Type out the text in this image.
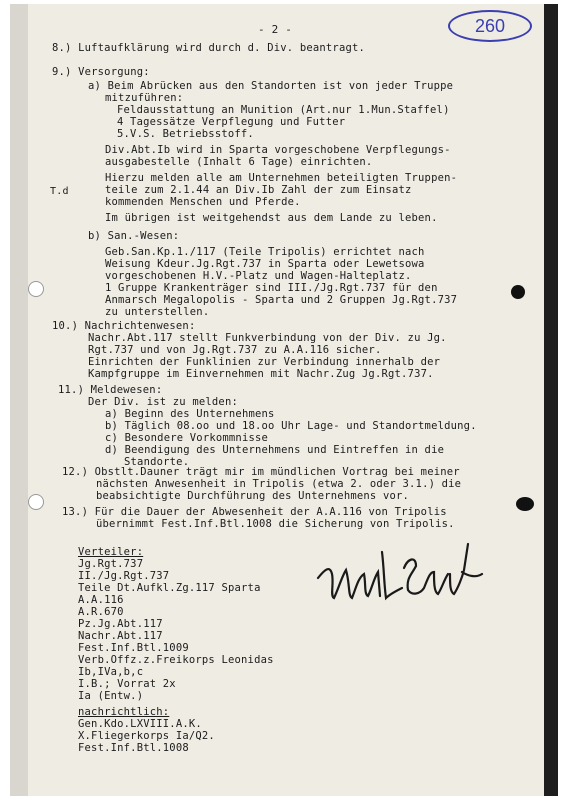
- 2 -	260
T.d
8.) Luftaufklärung wird durch d. Div. beantragt.
9.) Versorgung:
a) Beim Abrücken aus den Standorten ist von jeder Truppe
mitzuführen:
Feldausstattung an Munition (Art.nur 1.Mun.Staffel)
4 Tagessätze Verpflegung und Futter
5.V.S. Betriebsstoff.
Div.Abt.Ib wird in Sparta vorgeschobene Verpflegungs-
ausgabestelle (Inhalt 6 Tage) einrichten.
Hierzu melden alle am Unternehmen beteiligten Truppen-
teile zum 2.1.44 an Div.Ib Zahl der zum Einsatz
kommenden Menschen und Pferde.
Im übrigen ist weitgehendst aus dem Lande zu leben.
b) San.-Wesen:
Geb.San.Kp.1./117 (Teile Tripolis) errichtet nach
Weisung Kdeur.Jg.Rgt.737 in Sparta oder Lewetsowa
vorgeschobenen H.V.-Platz und Wagen-Halteplatz.
1 Gruppe Krankenträger sind III./Jg.Rgt.737 für den
Anmarsch Megalopolis - Sparta und 2 Gruppen Jg.Rgt.737
zu unterstellen.
10.) Nachrichtenwesen:
Nachr.Abt.117 stellt Funkverbindung von der Div. zu Jg.
Rgt.737 und von Jg.Rgt.737 zu A.A.116 sicher.
Einrichten der Funklinien zur Verbindung innerhalb der
Kampfgruppe im Einvernehmen mit Nachr.Zug Jg.Rgt.737.
11.) Meldewesen:
Der Div. ist zu melden:
a) Beginn des Unternehmens
b) Täglich 08.oo und 18.oo Uhr Lage- und Standortmeldung.
c) Besondere Vorkommnisse
d) Beendigung des Unternehmens und Eintreffen in die
Standorte.
12.) Obstlt.Dauner trägt mir im mündlichen Vortrag bei meiner
nächsten Anwesenheit in Tripolis (etwa 2. oder 3.1.) die
beabsichtigte Durchführung des Unternehmens vor.
13.) Für die Dauer der Abwesenheit der A.A.116 von Tripolis
übernimmt Fest.Inf.Btl.1008 die Sicherung von Tripolis.
Verteiler:
Jg.Rgt.737
II./Jg.Rgt.737
Teile Dt.Aufkl.Zg.117 Sparta
A.A.116
A.R.670
Pz.Jg.Abt.117
Nachr.Abt.117
Fest.Inf.Btl.1009
Verb.Offz.z.Freikorps Leonidas
Ib,IVa,b,c
I.B.; Vorrat 2x
Ia (Entw.)
nachrichtlich:
Gen.Kdo.LXVIII.A.K.
X.Fliegerkorps Ia/Q2.
Fest.Inf.Btl.1008
